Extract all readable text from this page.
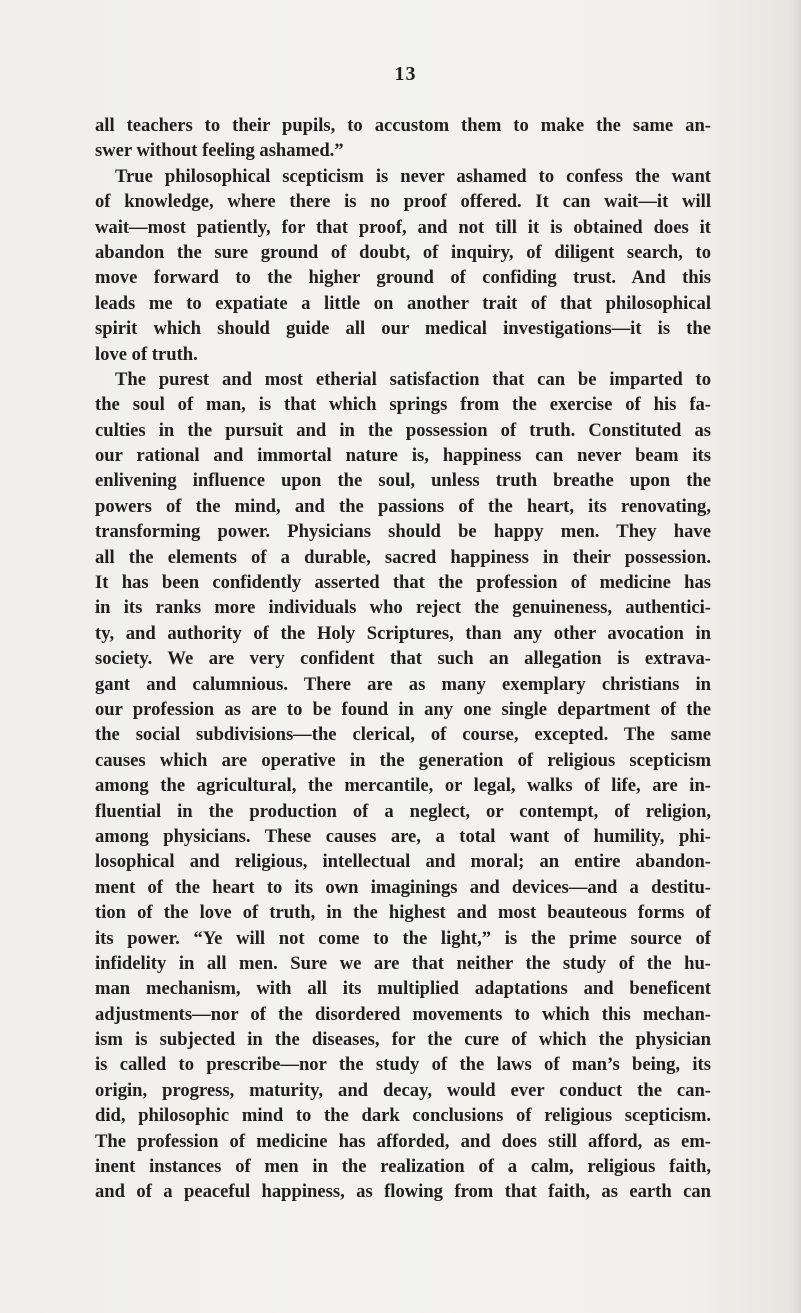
13
all teachers to their pupils, to accustom them to make the same an-
swer without feeling ashamed.”
True philosophical scepticism is never ashamed to confess the want
of knowledge, where there is no proof offered. It can wait—it will
wait—most patiently, for that proof, and not till it is obtained does it
abandon the sure ground of doubt, of inquiry, of diligent search, to
move forward to the higher ground of confiding trust. And this
leads me to expatiate a little on another trait of that philosophical
spirit which should guide all our medical investigations—it is the
love of truth.
The purest and most etherial satisfaction that can be imparted to
the soul of man, is that which springs from the exercise of his fa-
culties in the pursuit and in the possession of truth. Constituted as
our rational and immortal nature is, happiness can never beam its
enlivening influence upon the soul, unless truth breathe upon the
powers of the mind, and the passions of the heart, its renovating,
transforming power. Physicians should be happy men. They have
all the elements of a durable, sacred happiness in their possession.
It has been confidently asserted that the profession of medicine has
in its ranks more individuals who reject the genuineness, authentici-
ty, and authority of the Holy Scriptures, than any other avocation in
society. We are very confident that such an allegation is extrava-
gant and calumnious. There are as many exemplary christians in
our profession as are to be found in any one single department of the
the social subdivisions—the clerical, of course, excepted. The same
causes which are operative in the generation of religious scepticism
among the agricultural, the mercantile, or legal, walks of life, are in-
fluential in the production of a neglect, or contempt, of religion,
among physicians. These causes are, a total want of humility, phi-
losophical and religious, intellectual and moral; an entire abandon-
ment of the heart to its own imaginings and devices—and a destitu-
tion of the love of truth, in the highest and most beauteous forms of
its power. “Ye will not come to the light,” is the prime source of
infidelity in all men. Sure we are that neither the study of the hu-
man mechanism, with all its multiplied adaptations and beneficent
adjustments—nor of the disordered movements to which this mechan-
ism is subjected in the diseases, for the cure of which the physician
is called to prescribe—nor the study of the laws of man’s being, its
origin, progress, maturity, and decay, would ever conduct the can-
did, philosophic mind to the dark conclusions of religious scepticism.
The profession of medicine has afforded, and does still afford, as em-
inent instances of men in the realization of a calm, religious faith,
and of a peaceful happiness, as flowing from that faith, as earth can
